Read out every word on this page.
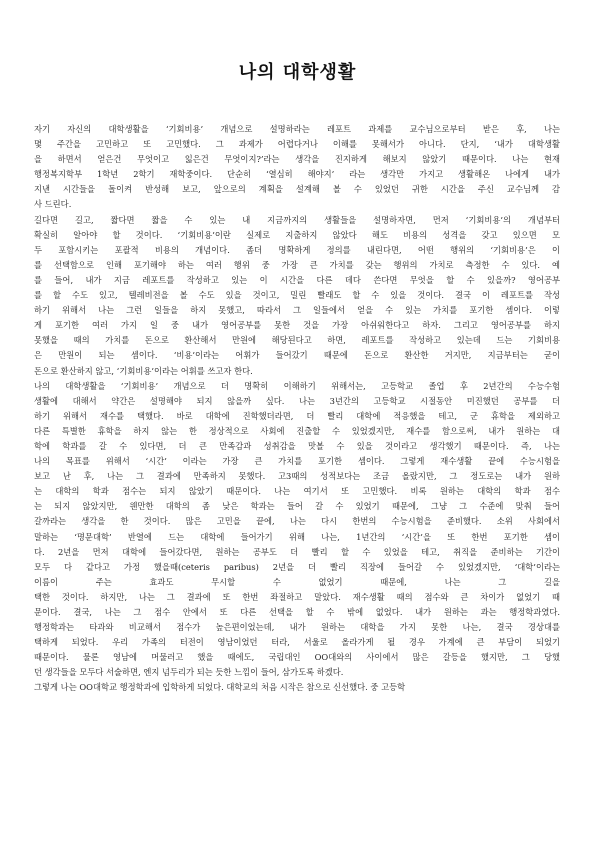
나의 대학생활
자기 자신의 대학생활을 ‘기회비용’ 개념으로 설명하라는 레포트 과제를 교수님으로부터 받은 후, 나는
몇 주간을 고민하고 또 고민했다. 그 과제가 어렵다거나 이해를 못해서가 아니다. 단지, ‘내가 대학생활
을 하면서 얻은건 무엇이고 잃은건 무엇이지?’라는 생각을 진지하게 해보지 않았기 때문이다. 나는 현재
행정복지학부 1학년 2학기 재학중이다. 단순히 ‘열심히 해야지’ 라는 생각만 가지고 생활해온 나에게 내가
지낸 시간들을 돌이켜 반성해 보고, 앞으로의 계획을 설계해 볼 수 있었던 귀한 시간을 주신 교수님께 감
사 드린다.
길다면 길고, 짧다면 짧을 수 있는 내 지금까지의 생활들을 설명하자면, 먼저 ‘기회비용’의 개념부터
확실히 알아야 할 것이다. ‘기회비용’이란 실제로 지출하지 않았다 해도 비용의 성격을 갖고 있으면 모
두 포함시키는 포괄적 비용의 개념이다. 좀더 명확하게 정의를 내린다면, 어떤 행위의 ‘기회비용’은 이
를 선택함으로 인해 포기해야 하는 여러 행위 중 가장 큰 가치를 갖는 행위의 가치로 측정한 수 있다. 예
를 들어, 내가 지금 레포트를 작성하고 있는 이 시간을 다른 데다 쓴다면 무엇을 할 수 있을까? 영어공부
를 할 수도 있고, 텔레비전을 볼 수도 있을 것이고, 밀린 빨래도 할 수 있을 것이다. 결국 이 레포트를 작성
하기 위해서 나는 그런 일들을 하지 못했고, 따라서 그 일들에서 얻을 수 있는 가치를 포기한 셈이다. 이렇
게 포기한 여러 가지 일 중 내가 영어공부를 못한 것을 가장 아쉬워한다고 하자. 그리고 영어공부를 하지
못했을 때의 가치를 돈으로 환산해서 만원에 해당된다고 하면, 레포트를 작성하고 있는데 드는 기회비용
은 만원이 되는 셈이다. ‘비용’이라는 어휘가 들어갔기 때문에 돈으로 환산한 거지만, 지금부터는 굳이
돈으로 환산하지 않고, ‘기회비용’이라는 어휘를 쓰고자 한다.
나의 대학생활을 ‘기회비용’ 개념으로 더 명확히 이해하기 위해서는, 고등학교 졸업 후 2년간의 수능수험
생활에 대해서 약간은 설명해야 되지 않을까 싶다. 나는 3년간의 고등학교 시절동안 미진했던 공부를 더
하기 위해서 재수를 택했다. 바로 대학에 진학했더라면, 더 빨리 대학에 적응했을 테고, 군 휴학을 제외하고
다른 특별한 휴학을 하지 않는 한 정상적으로 사회에 진출할 수 있었겠지만, 재수를 함으로써, 내가 원하는 대
학에 학과를 갈 수 있다면, 더 큰 만족감과 성취감을 맛볼 수 있을 것이라고 생각했기 때문이다. 즉, 나는
나의 목표를 위해서 ‘시간’ 이라는 가장 큰 가치를 포기한 셈이다. 그렇게 재수생활 끝에 수능시험을
보고 난 후, 나는 그 결과에 만족하지 못했다. 고3때의 성적보다는 조금 올랐지만, 그 정도로는 내가 원하
는 대학의 학과 점수는 되지 않았기 때문이다. 나는 여기서 또 고민했다. 비록 원하는 대학의 학과 점수
는 되지 않았지만, 웬만한 대학의 좀 낮은 학과는 들어 갈 수 있었기 때문에, 그냥 그 수준에 맞춰 들어
갈까라는 생각을 한 것이다. 많은 고민을 끝에, 나는 다시 한번의 수능시험을 준비했다. 소위 사회에서
말하는 ‘명문대학’ 반열에 드는 대학에 들어가기 위해 나는, 1년간의 ‘시간’을 또 한번 포기한 셈이
다. 2년을 먼저 대학에 들어갔다면, 원하는 공부도 더 빨리 할 수 있었을 테고, 취직을 준비하는 기간이
모두 다 같다고 가정 했을때(ceteris paribus) 2년을 더 빨리 직장에 들어갈 수 있었겠지만, ‘대학’이라는
이름이 주는 효과도 무시할 수 없었기 때문에, 나는 그 길을
택한 것이다. 하지만, 나는 그 결과에 또 한번 좌절하고 말았다. 재수생활 때의 점수와 큰 차이가 없었기 때
문이다. 결국, 나는 그 점수 안에서 또 다른 선택을 할 수 밖에 없었다. 내가 원하는 과는 행정학과였다.
행정학과는 타과와 비교해서 점수가 높은편이었는데, 내가 원하는 대학을 가지 못한 나는, 결국 경상대를
택하게 되었다. 우리 가족의 터전이 영남이었던 터라, 서울로 올라가게 될 경우 가계에 큰 부담이 되었기
때문이다. 물론 영남에 머물러고 했을 때에도, 국립대인 OO대와의 사이에서 많은 갈등을 했지만, 그 당했
던 생각들을 모두다 서술하면, 엔지 넘두리가 되는 듯한 느낌이 들어, 삼가도록 하겠다.
그렇게 나는 OO대학교 행정학과에 입학하게 되었다. 대학교의 처음 시작은 참으로 신선했다. 중 고등학
